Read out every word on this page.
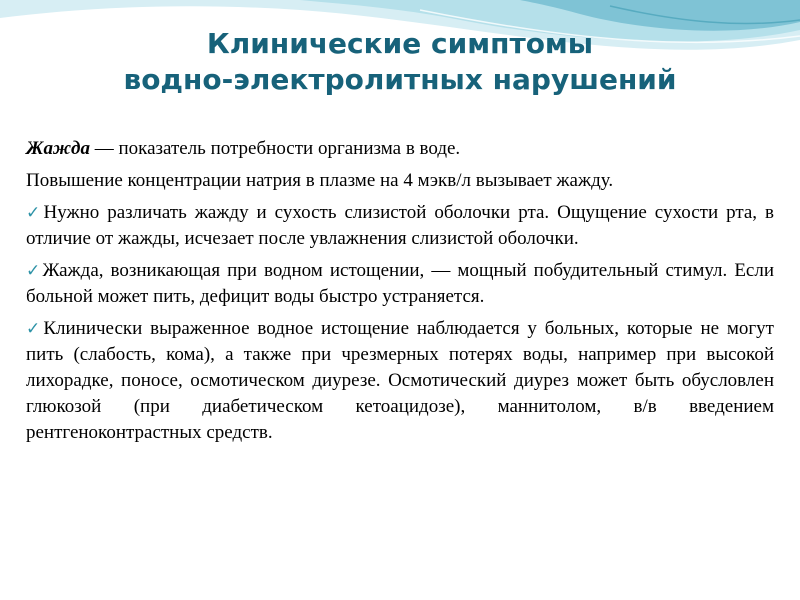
Клинические симптомы
водно-электролитных нарушений
Жажда — показатель потребности организма в воде.
Повышение концентрации натрия в плазме на 4 мэкв/л вызывает жажду.
✓Нужно различать жажду и сухость слизистой оболочки рта. Ощущение сухости рта, в отличие от жажды, исчезает после увлажнения слизистой оболочки.
✓Жажда, возникающая при водном истощении, — мощный побудительный стимул. Если больной может пить, дефицит воды быстро устраняется.
✓Клинически выраженное водное истощение наблюдается у больных, которые не могут пить (слабость, кома), а также при чрезмерных потерях воды, например при высокой лихорадке, поносе, осмотическом диурезе. Осмотический диурез может быть обусловлен глюкозой (при диабетическом кетоацидозе), маннитолом, в/в введением рентгеноконтрастных средств.
